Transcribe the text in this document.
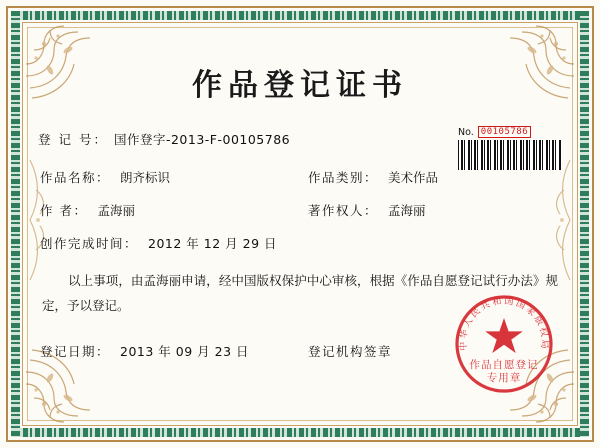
作品登记证书
登 记 号： 国作登字-2013-F-00105786	No. 00105786
作品名称： 朗齐标识	作品类别： 美术作品
作 者： 孟海丽	著作权人： 孟海丽
创作完成时间： 2012 年 12 月 29 日
以上事项，由孟海丽申请，经中国版权保护中心审核，根据《作品自愿登记试行办法》规定，予以登记。
登记日期： 2013 年 09 月 23 日	登记机构签章	中华人民共和国国家版权局
作品自愿登记
专用章
